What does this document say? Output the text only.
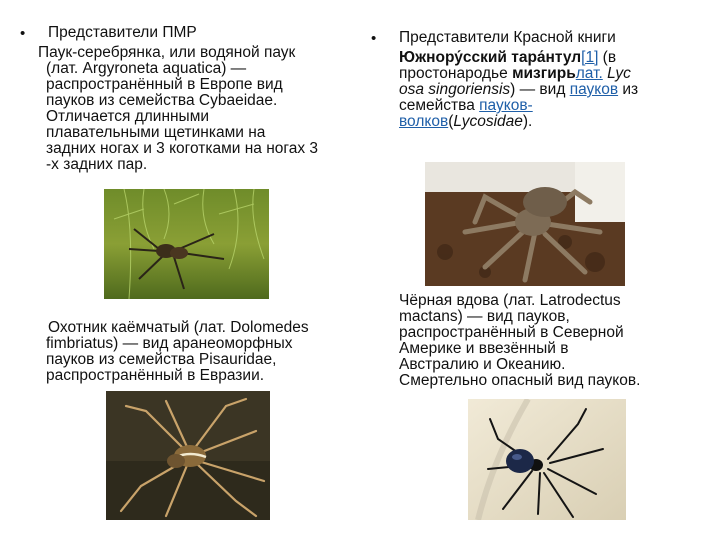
• Представители ПМР
Паук-серебрянка, или водяной паук
(лат. Argyroneta aquatica) —
распространённый в Европе вид
пауков из семейства Cybaeidae.
Отличается длинными
плавательными щетинками на
задних ногах и 3 коготками на ногах 3
-х задних пар.
Охотник каёмчатый (лат. Dolomedes
fimbriatus) — вид аранеоморфных
пауков из семейства Pisauridae,
распространённый в Евразии.
• Представители Красной книги
Южнору́сский тара́нтул[1] (в
простонародье мизгирьлат. Lyc
osa singoriensis) — вид пауков из
семейства пауков-
волков(Lycosidae).
Чёрная вдова (лат. Latrodectus
mactans) — вид пауков,
распространённый в Северной
Америке и ввезённый в
Австралию и Океанию.
Смертельно опасный вид пауков.
